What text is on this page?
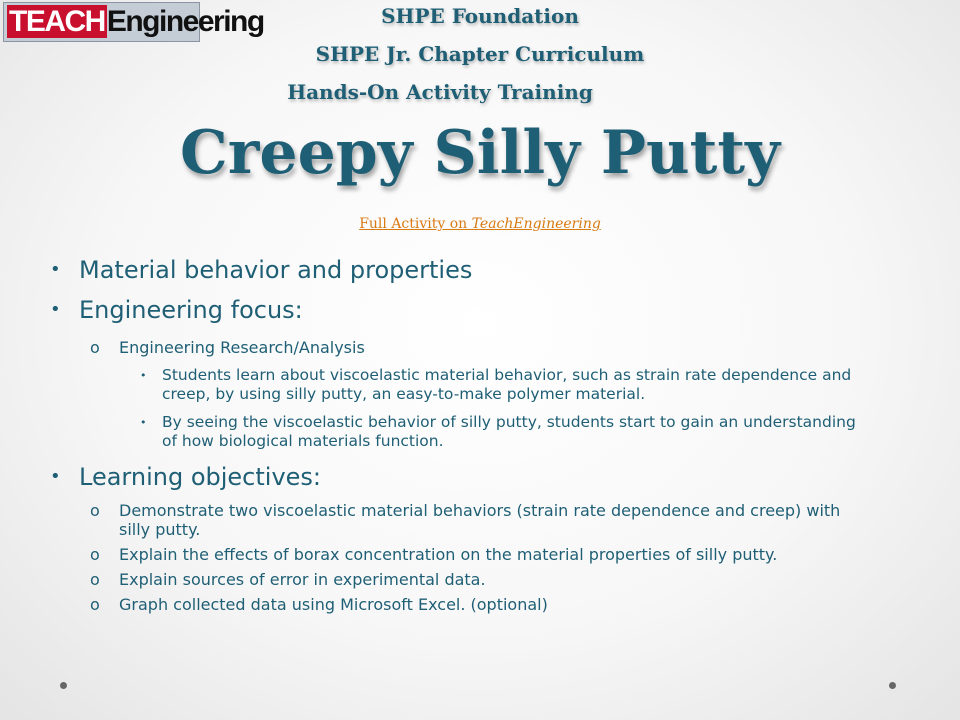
TEACHEngineering	SHPE Foundation
SHPE Jr. Chapter Curriculum
Hands-On Activity Training
Creepy Silly Putty
Full Activity on TeachEngineering
• Material behavior and properties
• Engineering focus:
o Engineering Research/Analysis
• Students learn about viscoelastic material behavior, such as strain rate dependence and creep, by using silly putty, an easy-to-make polymer material.
• By seeing the viscoelastic behavior of silly putty, students start to gain an understanding of how biological materials function.
• Learning objectives:
o Demonstrate two viscoelastic material behaviors (strain rate dependence and creep) with silly putty.
o Explain the effects of borax concentration on the material properties of silly putty.
o Explain sources of error in experimental data.
o Graph collected data using Microsoft Excel. (optional)
